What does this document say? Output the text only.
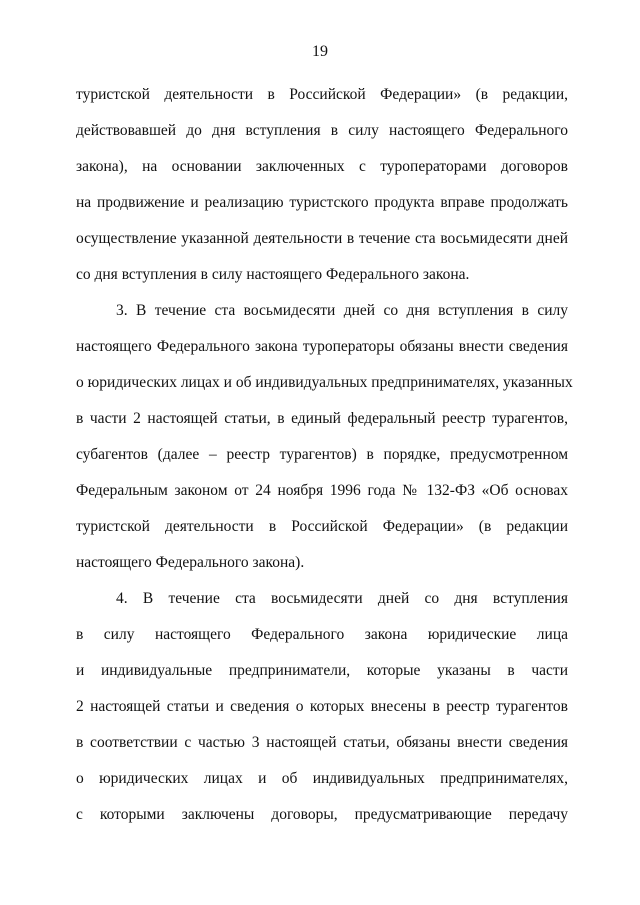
19
туристской деятельности в Российской Федерации» (в редакции,
действовавшей до дня вступления в силу настоящего Федерального
закона), на основании заключенных с туроператорами договоров
на продвижение и реализацию туристского продукта вправе продолжать
осуществление указанной деятельности в течение ста восьмидесяти дней
со дня вступления в силу настоящего Федерального закона.
3. В течение ста восьмидесяти дней со дня вступления в силу
настоящего Федерального закона туроператоры обязаны внести сведения
о юридических лицах и об индивидуальных предпринимателях, указанных
в части 2 настоящей статьи, в единый федеральный реестр турагентов,
субагентов (далее – реестр турагентов) в порядке, предусмотренном
Федеральным законом от 24 ноября 1996 года № 132-ФЗ «Об основах
туристской деятельности в Российской Федерации» (в редакции
настоящего Федерального закона).
4. В течение ста восьмидесяти дней со дня вступления
в силу настоящего Федерального закона юридические лица
и индивидуальные предприниматели, которые указаны в части
2 настоящей статьи и сведения о которых внесены в реестр турагентов
в соответствии с частью 3 настоящей статьи, обязаны внести сведения
о юридических лицах и об индивидуальных предпринимателях,
с которыми заключены договоры, предусматривающие передачу
